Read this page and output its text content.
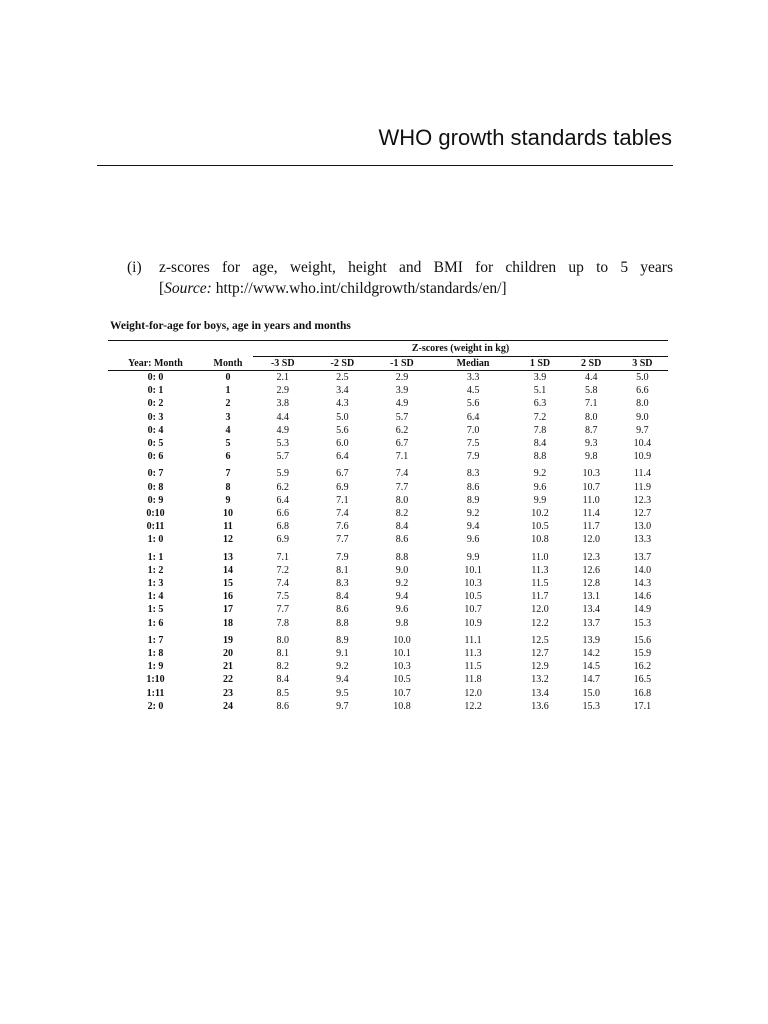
WHO growth standards tables
(i)	z-scores for age, weight, height and BMI for children up to 5 years
[Source: http://www.who.int/childgrowth/standards/en/]
Weight-for-age for boys, age in years and months
Z-scores (weight in kg)
Year: Month	Month	-3 SD	-2 SD	-1 SD	Median	1 SD	2 SD	3 SD
0: 0	0	2.1	2.5	2.9	3.3	3.9	4.4	5.0
0: 1	1	2.9	3.4	3.9	4.5	5.1	5.8	6.6
0: 2	2	3.8	4.3	4.9	5.6	6.3	7.1	8.0
0: 3	3	4.4	5.0	5.7	6.4	7.2	8.0	9.0
0: 4	4	4.9	5.6	6.2	7.0	7.8	8.7	9.7
0: 5	5	5.3	6.0	6.7	7.5	8.4	9.3	10.4
0: 6	6	5.7	6.4	7.1	7.9	8.8	9.8	10.9
0: 7	7	5.9	6.7	7.4	8.3	9.2	10.3	11.4
0: 8	8	6.2	6.9	7.7	8.6	9.6	10.7	11.9
0: 9	9	6.4	7.1	8.0	8.9	9.9	11.0	12.3
0:10	10	6.6	7.4	8.2	9.2	10.2	11.4	12.7
0:11	11	6.8	7.6	8.4	9.4	10.5	11.7	13.0
1: 0	12	6.9	7.7	8.6	9.6	10.8	12.0	13.3
1: 1	13	7.1	7.9	8.8	9.9	11.0	12.3	13.7
1: 2	14	7.2	8.1	9.0	10.1	11.3	12.6	14.0
1: 3	15	7.4	8.3	9.2	10.3	11.5	12.8	14.3
1: 4	16	7.5	8.4	9.4	10.5	11.7	13.1	14.6
1: 5	17	7.7	8.6	9.6	10.7	12.0	13.4	14.9
1: 6	18	7.8	8.8	9.8	10.9	12.2	13.7	15.3
1: 7	19	8.0	8.9	10.0	11.1	12.5	13.9	15.6
1: 8	20	8.1	9.1	10.1	11.3	12.7	14.2	15.9
1: 9	21	8.2	9.2	10.3	11.5	12.9	14.5	16.2
1:10	22	8.4	9.4	10.5	11.8	13.2	14.7	16.5
1:11	23	8.5	9.5	10.7	12.0	13.4	15.0	16.8
2: 0	24	8.6	9.7	10.8	12.2	13.6	15.3	17.1
